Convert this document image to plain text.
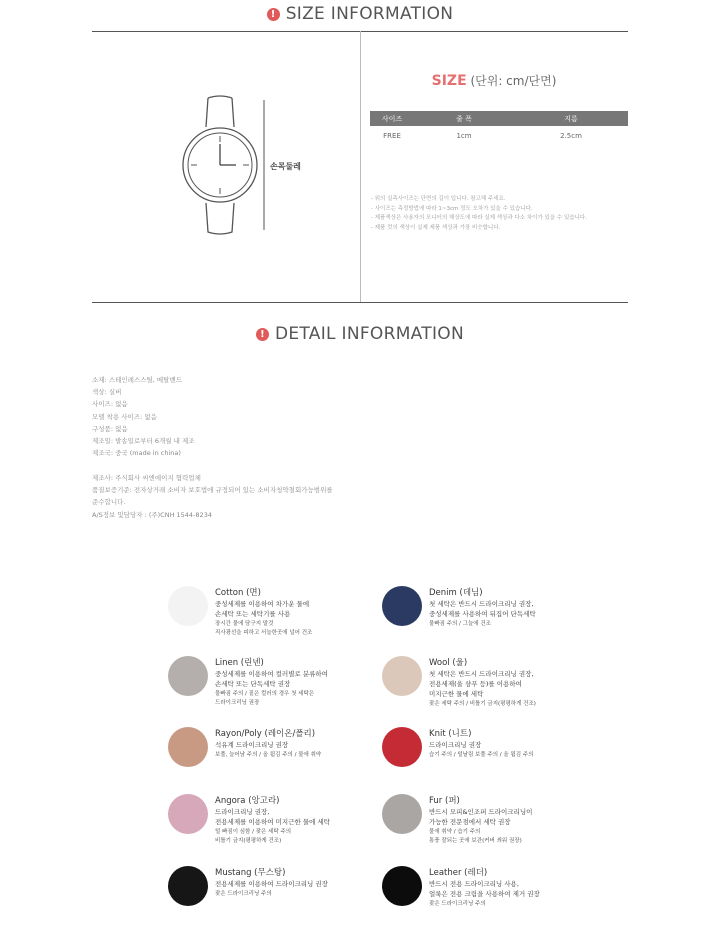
! SIZE INFORMATION
손목둘레
SIZE (단위: cm/단면)
사이즈	줄 폭	지름
FREE	1cm	2.5cm
- 위의 실측사이즈는 단면의 길이 입니다. 참고해 주세요.
- 사이즈는 측정방법에 따라 1~3cm 정도 오차가 있을 수 있습니다.
- 제품색상은 사용자의 모니터의 해상도에 따라 실제 색상과 다소 차이가 있을 수 있습니다.
- 제품 컷의 색상이 실제 제품 색상과 가장 비슷합니다.
! DETAIL INFORMATION
소재: 스테인레스스틸, 메탈밴드
색상: 실버
사이즈: 없음
모델 착용 사이즈: 없음
구성품: 없음
제조일: 발송일로부터 6개월 내 제조
제조국: 중국 (made in china)
제조사: 주식회사 씨엔에이지 협력업체
품질보증기준: 전자상거래 소비자 보호법에 규정되어 있는 소비자청약철회가능범위를
준수합니다.
A/S정보 및담당자 : (주)CNH 1544-8234
Cotton (면)
중성세제를 이용하여 차가운 물에
손세탁 또는 세탁기를 사용
장시간 물에 담구지 말것
직사광선을 피하고 서늘한곳에 널어 건조
Denim (데님)
첫 세탁은 반드시 드라이크리닝 권장,
중성세제를 사용하여 뒤집어 단독세탁
물빠짐 주의 / 그늘에 건조
Linen (린넨)
중성세제를 이용하여 컬러별로 분류하여
손세탁 또는 단독세탁 권장
물빠짐 주의 / 짙은 컬러의 경우 첫 세탁은
드라이크리닝 권장
Wool (울)
첫 세탁은 반드시 드라이크리닝 권장,
전용세제(울 샴푸 등)를 이용하여
미지근한 물에 세탁
잦은 세탁 주의 / 비틀기 금지(평평하게 건조)
Rayon/Poly (레이온/폴리)
석유계 드라이크리닝 권장
보풀, 늘어남 주의 / 올 튐김 주의 / 물에 취약
Knit (니트)
드라이크리닝 권장
습기 주의 / 털날림 보풀 주의 / 올 튐김 주의
Angora (앙고라)
드라이크리닝 권장,
전용세제를 이용하여 미지근한 물에 세탁
털 빠짐이 심함 / 잦은 세탁 주의
비틀기 금지(평평하게 건조)
Fur (퍼)
반드시 모피&인조퍼 드라이크리닝이
가능한 전문점에서 세탁 권장
물에 취약 / 습기 주의
통풍 잘되는 곳에 보관(커버 씌워 권장)
Mustang (무스탕)
전용세제를 이용하여 드라이크리닝 권장
잦은 드라이크리닝 주의
Leather (레더)
반드시 전용 드라이크리닝 사용,
얼룩은 전용 크림을 사용하여 제거 권장
잦은 드라이크리닝 주의
